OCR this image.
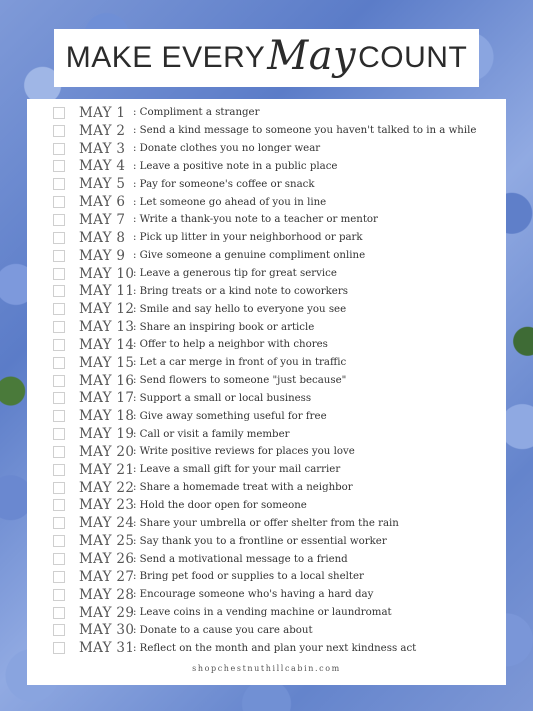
MAKE EVERY May COUNT
MAY 1 : Compliment a stranger
MAY 2 : Send a kind message to someone you haven't talked to in a while
MAY 3 : Donate clothes you no longer wear
MAY 4 : Leave a positive note in a public place
MAY 5 : Pay for someone's coffee or snack
MAY 6 : Let someone go ahead of you in line
MAY 7 : Write a thank-you note to a teacher or mentor
MAY 8 : Pick up litter in your neighborhood or park
MAY 9 : Give someone a genuine compliment online
MAY 10
: Leave a generous tip for great service
MAY 11
: Bring treats or a kind note to coworkers
MAY 12
: Smile and say hello to everyone you see
MAY 13
: Share an inspiring book or article
MAY 14
: Offer to help a neighbor with chores
MAY 15
: Let a car merge in front of you in traffic
MAY 16
: Send flowers to someone "just because"
MAY 17
: Support a small or local business
MAY 18
: Give away something useful for free
MAY 19
: Call or visit a family member
MAY 20
: Write positive reviews for places you love
MAY 21
: Leave a small gift for your mail carrier
MAY 22
: Share a homemade treat with a neighbor
MAY 23
: Hold the door open for someone
MAY 24
: Share your umbrella or offer shelter from the rain
MAY 25
: Say thank you to a frontline or essential worker
MAY 26
: Send a motivational message to a friend
MAY 27
: Bring pet food or supplies to a local shelter
MAY 28
: Encourage someone who's having a hard day
MAY 29
: Leave coins in a vending machine or laundromat
MAY 30
: Donate to a cause you care about
MAY 31
: Reflect on the month and plan your next kindness act
shopchestnuthillcabin.com
